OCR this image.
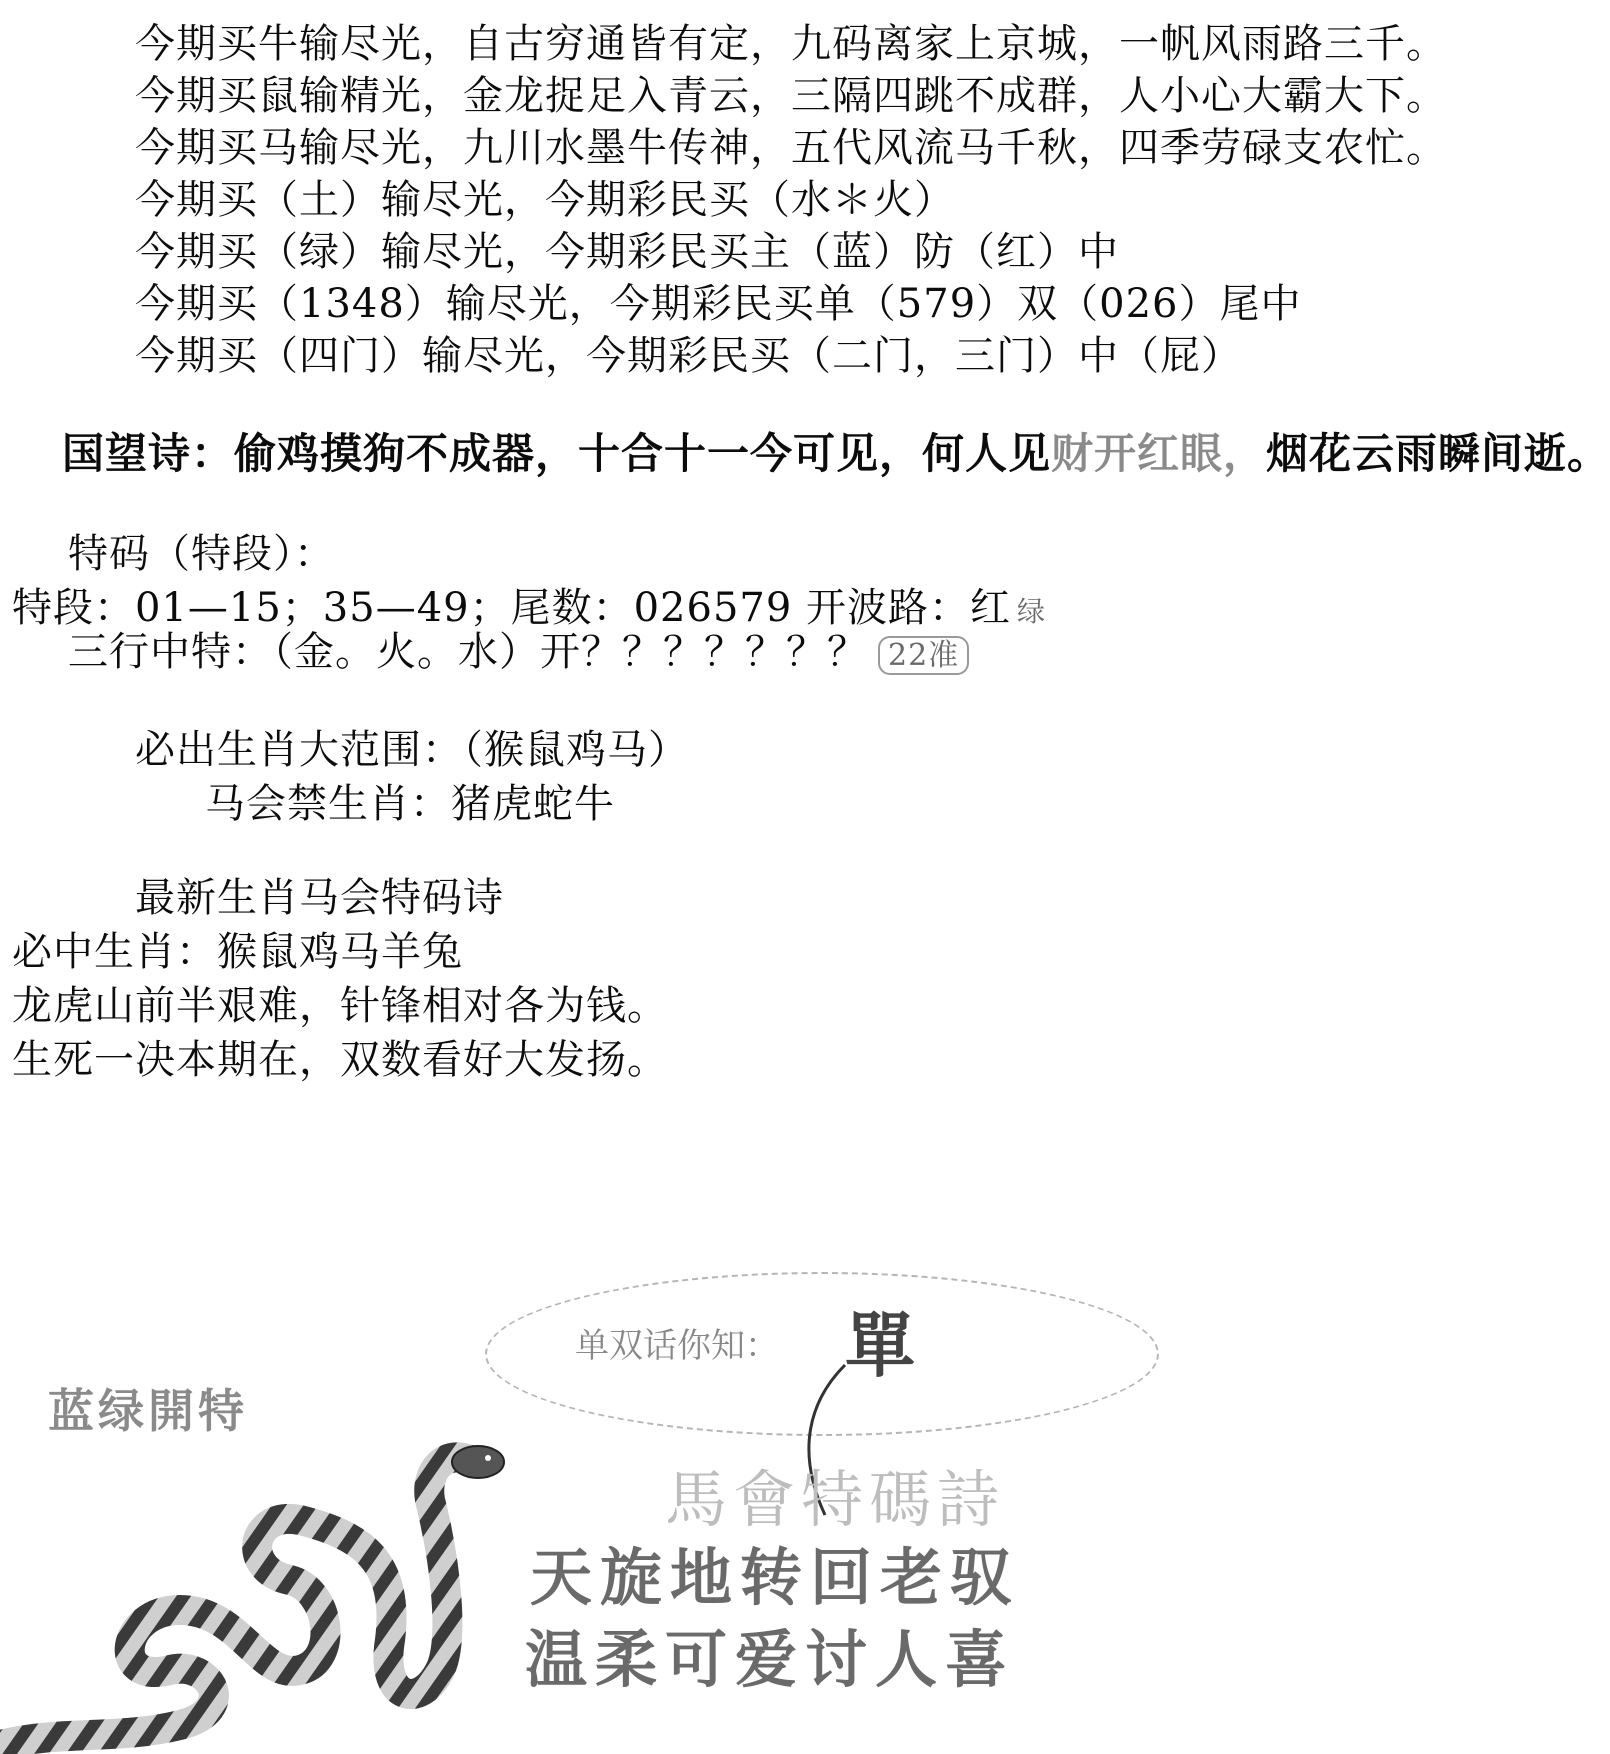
今期买牛输尽光，自古穷通皆有定，九码离家上京城，一帆风雨路三千。
今期买鼠输精光，金龙捉足入青云，三隔四跳不成群，人小心大霸大下。
今期买马输尽光，九川水墨牛传神，五代风流马千秋，四季劳碌支农忙。
今期买（土）输尽光，今期彩民买（水＊火）
今期买（绿）输尽光，今期彩民买主（蓝）防（红）中
今期买（1348）输尽光，今期彩民买单（579）双（026）尾中
今期买（四门）输尽光，今期彩民买（二门，三门）中（屁）
国望诗：偷鸡摸狗不成器，十合十一今可见，何人见财开红眼，烟花云雨瞬间逝。
特码（特段）：
特段：01—15；35—49；尾数：026579 开波路：红 绿
三行中特：（金。火。水）开？？？？？？？ 22准
必出生肖大范围：（猴鼠鸡马）
马会禁生肖：猪虎蛇牛
最新生肖马会特码诗
必中生肖：猴鼠鸡马羊兔
龙虎山前半艰难，针锋相对各为钱。
生死一决本期在，双数看好大发扬。
单双话你知： 單
蓝绿開特
馬會特碼詩
天旋地转回老驭
温柔可爱讨人喜
